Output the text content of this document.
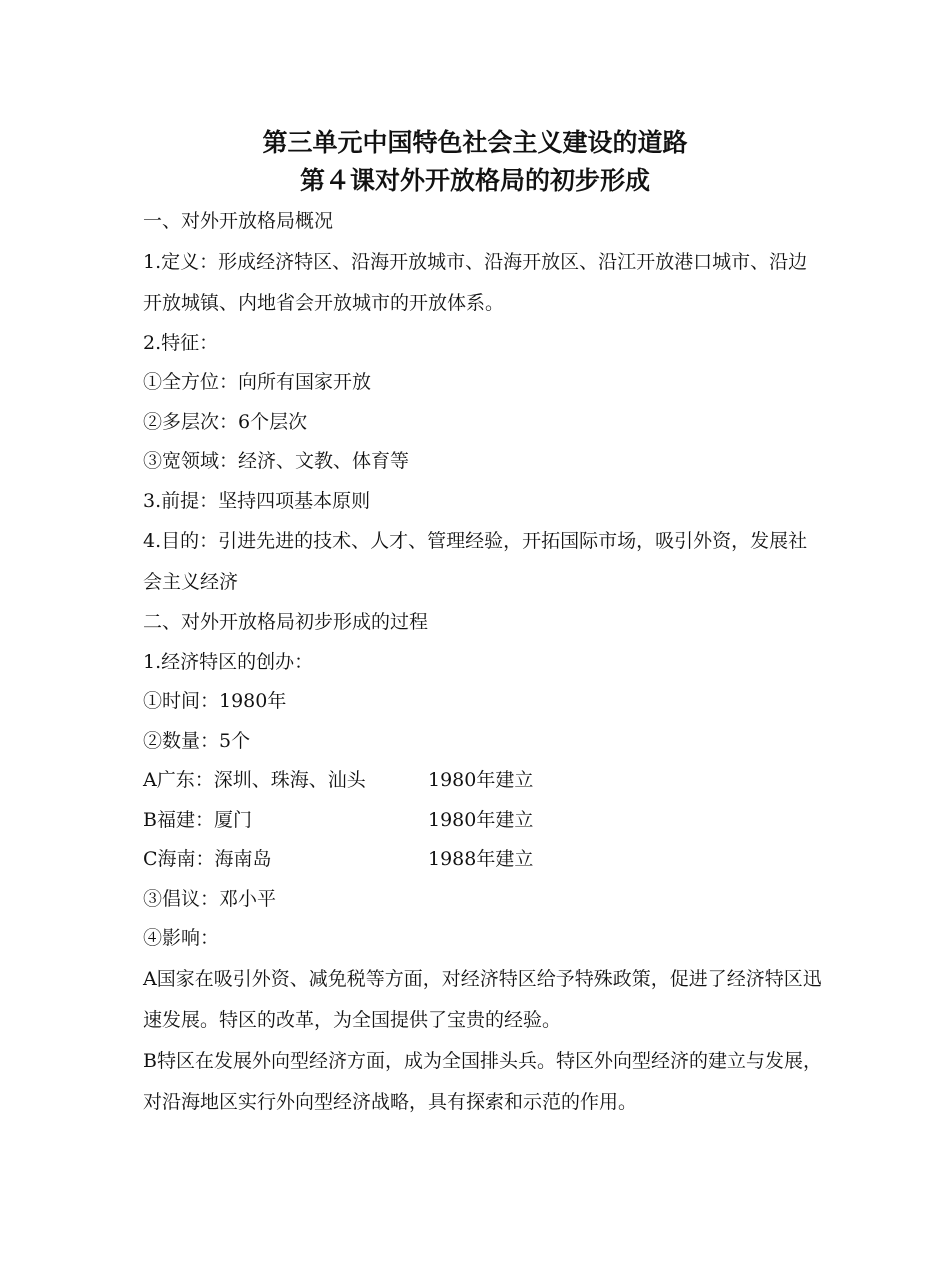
第三单元中国特色社会主义建设的道路

第４课对外开放格局的初步形成

一、对外开放格局概况
1.定义：形成经济特区、沿海开放城市、沿海开放区、沿江开放港口城市、沿边开放城镇、内地省会开放城市的开放体系。
2.特征：
①全方位：向所有国家开放
②多层次：6个层次
③宽领域：经济、文教、体育等
3.前提：坚持四项基本原则
4.目的：引进先进的技术、人才、管理经验，开拓国际市场，吸引外资，发展社会主义经济
二、对外开放格局初步形成的过程
1.经济特区的创办：
①时间：1980年
②数量：5个
A广东：深圳、珠海、汕头	1980年建立
B福建：厦门	1980年建立
C海南：海南岛	1988年建立
③倡议：邓小平
④影响：
A国家在吸引外资、减免税等方面，对经济特区给予特殊政策，促进了经济特区迅速发展。特区的改革，为全国提供了宝贵的经验。
B特区在发展外向型经济方面，成为全国排头兵。特区外向型经济的建立与发展，对沿海地区实行外向型经济战略，具有探索和示范的作用。
